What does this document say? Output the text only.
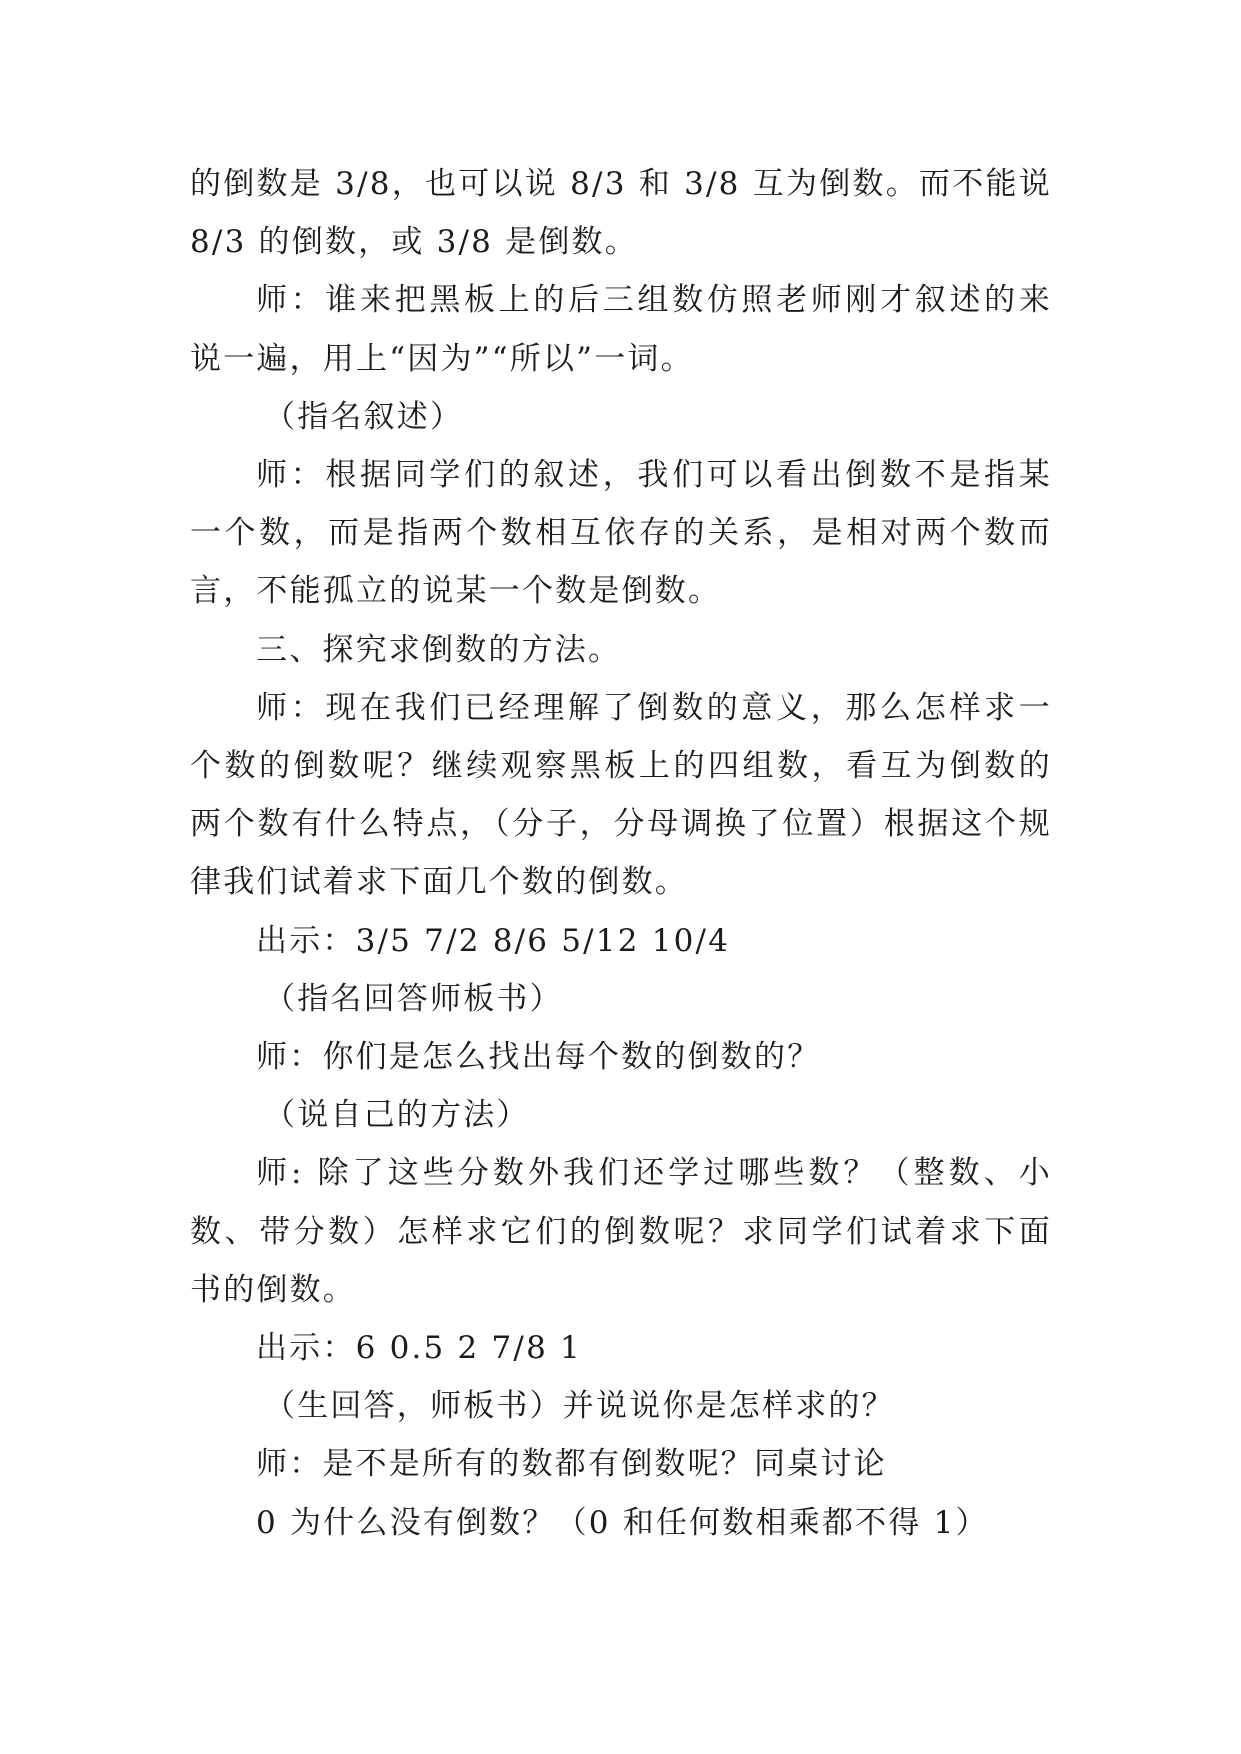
的倒数是 3/8，也可以说 8/3 和 3/8 互为倒数。而不能说 8/3 的倒数，或 3/8 是倒数。

师：谁来把黑板上的后三组数仿照老师刚才叙述的来说一遍，用上“因为”“所以”一词。

（指名叙述）

师：根据同学们的叙述，我们可以看出倒数不是指某一个数，而是指两个数相互依存的关系，是相对两个数而言，不能孤立的说某一个数是倒数。

三、探究求倒数的方法。

师：现在我们已经理解了倒数的意义，那么怎样求一个数的倒数呢？继续观察黑板上的四组数，看互为倒数的两个数有什么特点，（分子，分母调换了位置）根据这个规律我们试着求下面几个数的倒数。

出示：3/5 7/2 8/6 5/12 10/4

（指名回答师板书）

师：你们是怎么找出每个数的倒数的？

（说自己的方法）

师: 除了这些分数外我们还学过哪些数？（整数、小数、带分数）怎样求它们的倒数呢？求同学们试着求下面书的倒数。

出示：6 0.5 2 7/8 1

（生回答，师板书）并说说你是怎样求的？

师：是不是所有的数都有倒数呢？同桌讨论

0 为什么没有倒数？（0 和任何数相乘都不得 1）
